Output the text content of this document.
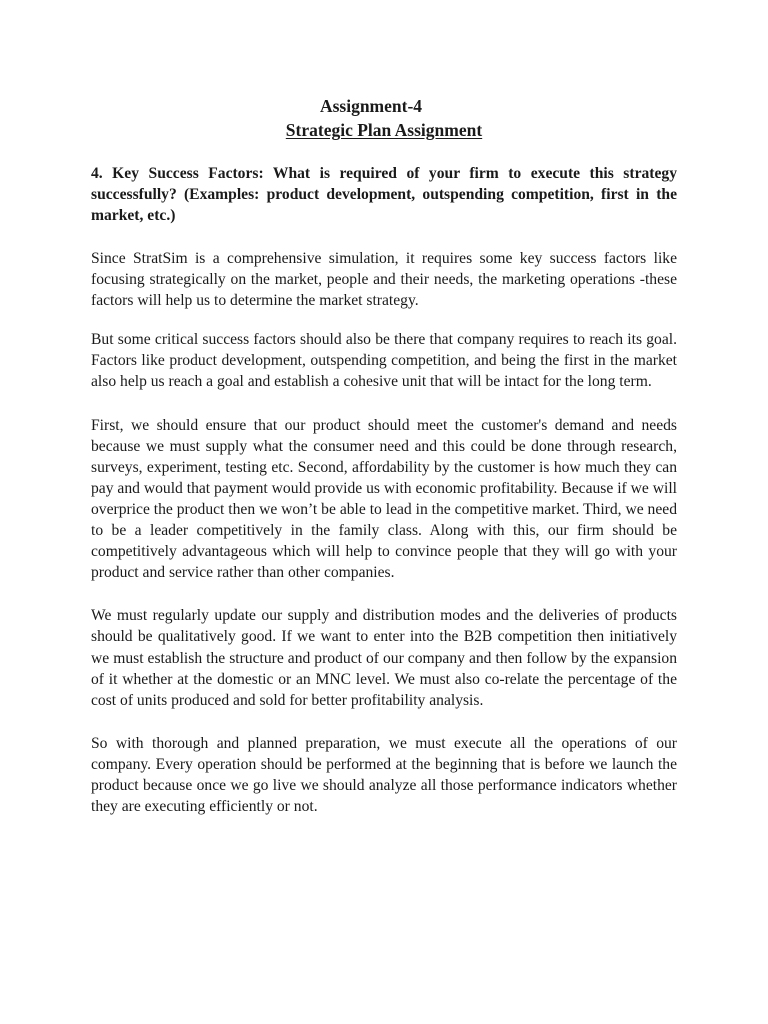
Assignment-4
Strategic Plan Assignment

4. Key Success Factors: What is required of your firm to execute this strategy successfully? (Examples: product development, outspending competition, first in the market, etc.)

Since StratSim is a comprehensive simulation, it requires some key success factors like focusing strategically on the market, people and their needs, the marketing operations -these factors will help us to determine the market strategy.

But some critical success factors should also be there that company requires to reach its goal. Factors like product development, outspending competition, and being the first in the market also help us reach a goal and establish a cohesive unit that will be intact for the long term.

First, we should ensure that our product should meet the customer's demand and needs because we must supply what the consumer need and this could be done through research, surveys, experiment, testing etc. Second, affordability by the customer is how much they can pay and would that payment would provide us with economic profitability. Because if we will overprice the product then we won’t be able to lead in the competitive market. Third, we need to be a leader competitively in the family class. Along with this, our firm should be competitively advantageous which will help to convince people that they will go with your product and service rather than other companies.

We must regularly update our supply and distribution modes and the deliveries of products should be qualitatively good. If we want to enter into the B2B competition then initiatively we must establish the structure and product of our company and then follow by the expansion of it whether at the domestic or an MNC level. We must also co-relate the percentage of the cost of units produced and sold for better profitability analysis.

So with thorough and planned preparation, we must execute all the operations of our company. Every operation should be performed at the beginning that is before we launch the product because once we go live we should analyze all those performance indicators whether they are executing efficiently or not.
